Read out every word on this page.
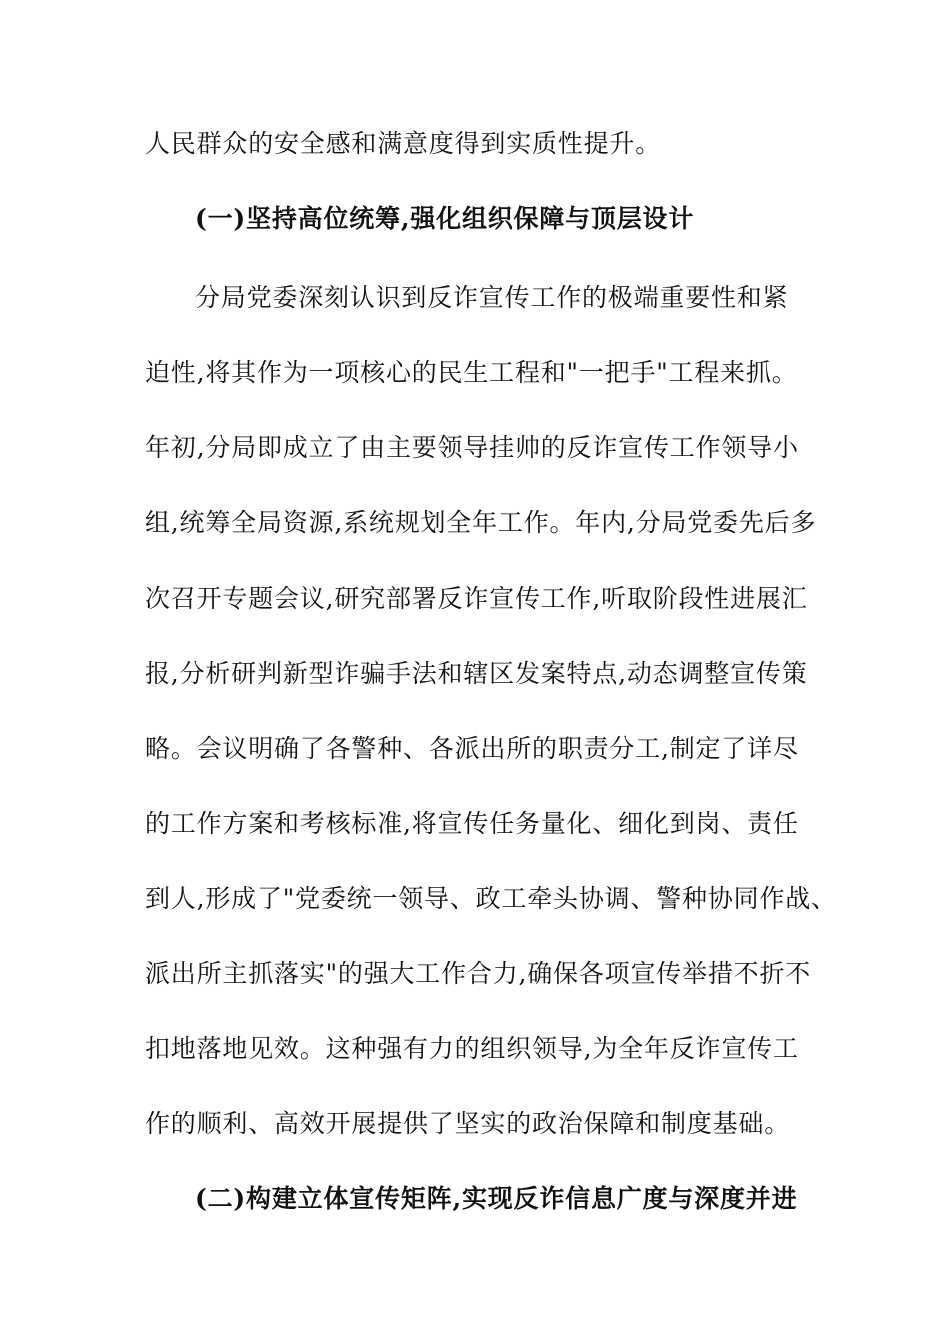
人民群众的安全感和满意度得到实质性提升。
(一)坚持高位统筹,强化组织保障与顶层设计
分局党委深刻认识到反诈宣传工作的极端重要性和紧
迫性,将其作为一项核心的民生工程和"一把手"工程来抓。
年初,分局即成立了由主要领导挂帅的反诈宣传工作领导小
组,统筹全局资源,系统规划全年工作。年内,分局党委先后多
次召开专题会议,研究部署反诈宣传工作,听取阶段性进展汇
报,分析研判新型诈骗手法和辖区发案特点,动态调整宣传策
略。会议明确了各警种、各派出所的职责分工,制定了详尽
的工作方案和考核标准,将宣传任务量化、细化到岗、责任
到人,形成了"党委统一领导、政工牵头协调、警种协同作战、
派出所主抓落实"的强大工作合力,确保各项宣传举措不折不
扣地落地见效。这种强有力的组织领导,为全年反诈宣传工
作的顺利、高效开展提供了坚实的政治保障和制度基础。
(二)构建立体宣传矩阵,实现反诈信息广度与深度并进
